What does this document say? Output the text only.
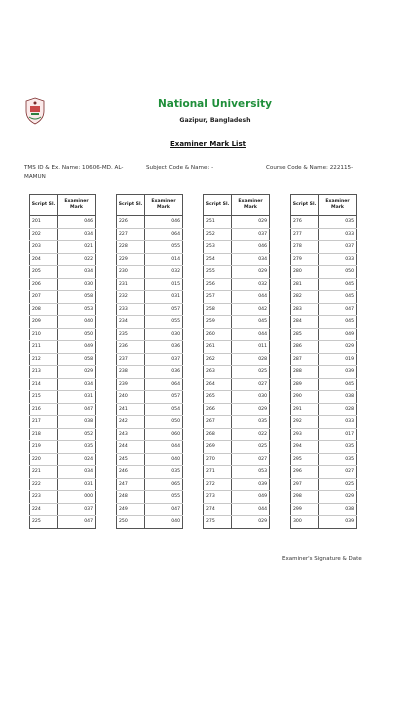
National University
Gazipur, Bangladesh
Examiner Mark List
TMS ID & Ex. Name: 10606-MD. AL- MAMUN
Subject Code & Name: -	Course Code & Name: 222115-
Script Sl.	Examiner Mark
201	046
202	034
203	021
204	022
205	034
206	030
207	058
208	053
209	040
210	050
211	049
212	058
213	029
214	034
215	031
216	047
217	038
218	052
219	035
220	024
221	034
222	031
223	000
224	037
225	047
Script Sl.	Examiner Mark
226	046
227	064
228	055
229	014
230	032
231	015
232	031
233	057
234	055
235	030
236	036
237	037
238	036
239	064
240	057
241	054
242	050
243	060
244	044
245	040
246	035
247	065
248	055
249	047
250	040
Script Sl.	Examiner Mark
251	029
252	037
253	046
254	034
255	029
256	032
257	044
258	042
259	045
260	044
261	011
262	028
263	025
264	027
265	030
266	029
267	035
268	022
269	025
270	027
271	053
272	039
273	049
274	044
275	029
Script Sl.	Examiner Mark
276	035
277	033
278	037
279	033
280	050
281	045
282	045
283	047
284	045
285	049
286	029
287	019
288	039
289	045
290	038
291	028
292	033
293	017
294	035
295	035
296	027
297	025
298	029
299	038
300	039
Examiner's Signature & Date
